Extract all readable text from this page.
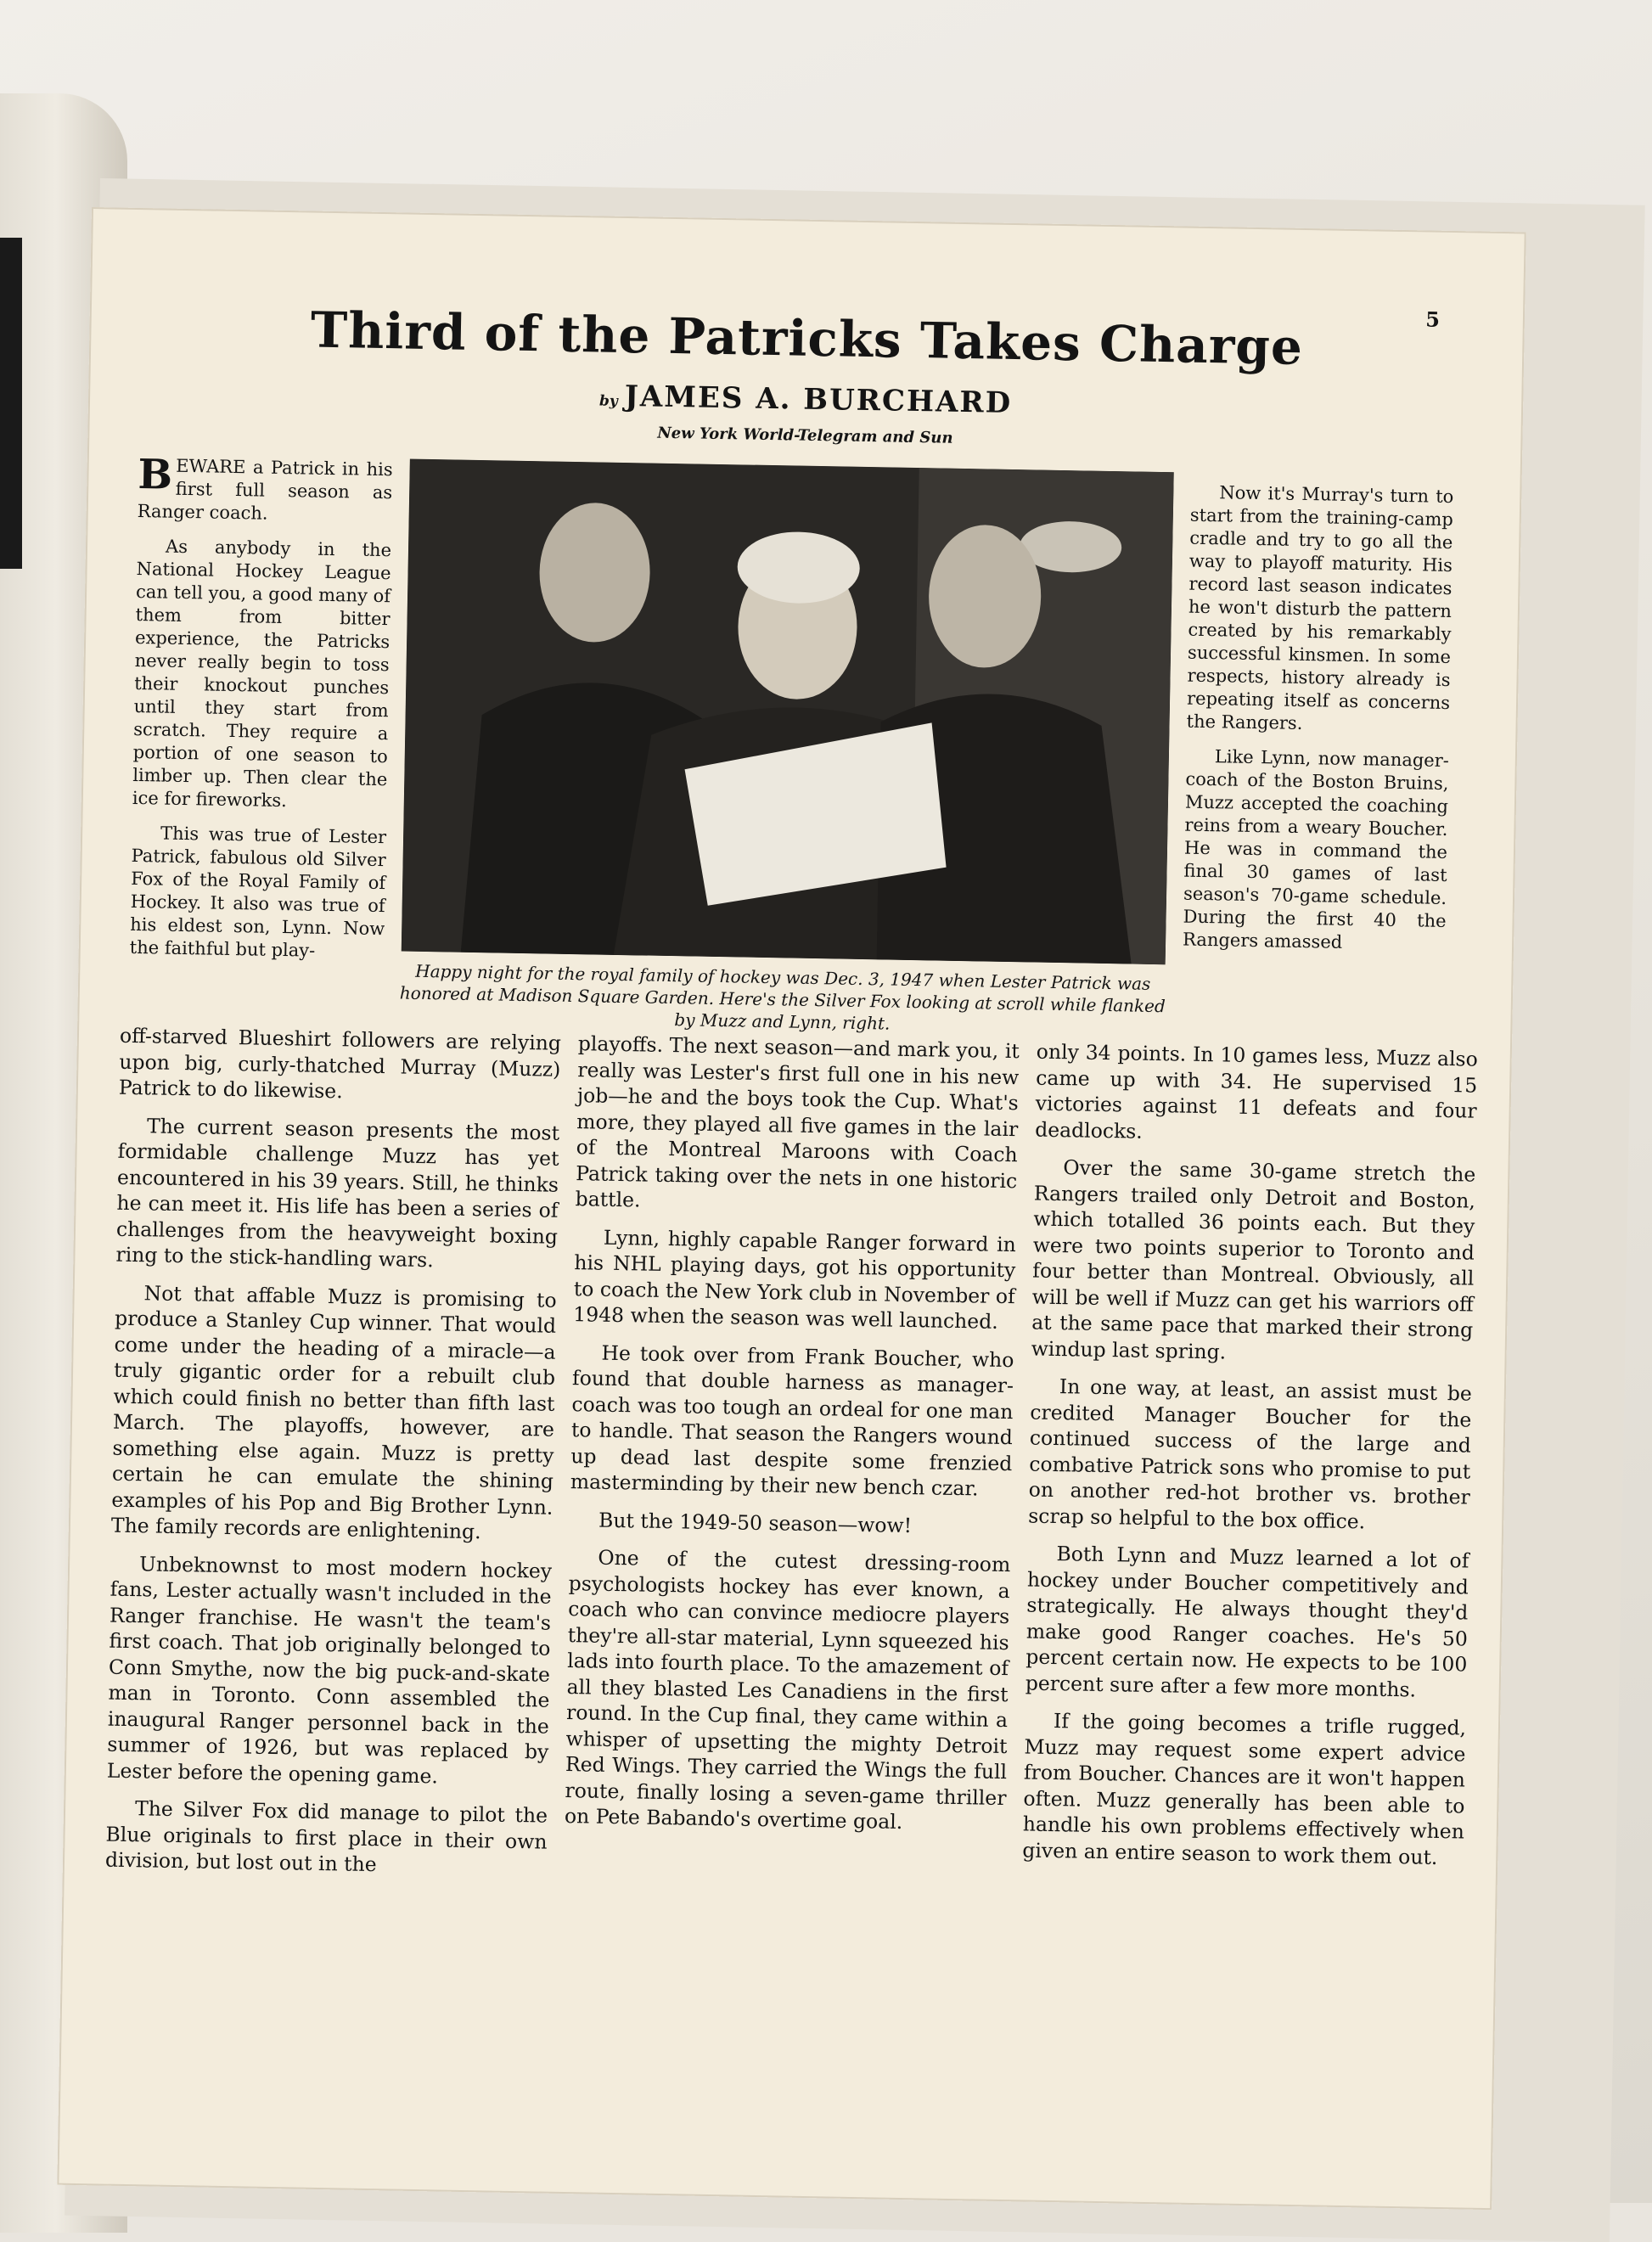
5
Third of the Patricks Takes Charge
by JAMES A. BURCHARD
New York World-Telegram and Sun

BEWARE a Patrick in his first full season as Ranger coach.

As anybody in the National Hockey League can tell you, a good many of them from bitter experience, the Patricks never really begin to toss their knockout punches until they start from scratch. They require a portion of one season to limber up. Then clear the ice for fireworks.

This was true of Lester Patrick, fabulous old Silver Fox of the Royal Family of Hockey. It also was true of his eldest son, Lynn. Now the faithful but play-

Happy night for the royal family of hockey was Dec. 3, 1947 when Lester Patrick was honored at Madison Square Garden. Here's the Silver Fox looking at scroll while flanked by Muzz and Lynn, right.

Now it's Murray's turn to start from the training-camp cradle and try to go all the way to playoff maturity. His record last season indicates he won't disturb the pattern created by his remarkably successful kinsmen. In some respects, history already is repeating itself as concerns the Rangers.

Like Lynn, now manager-coach of the Boston Bruins, Muzz accepted the coaching reins from a weary Boucher. He was in command the final 30 games of last season's 70-game schedule. During the first 40 the Rangers amassed

off-starved Blueshirt followers are relying upon big, curly-thatched Murray (Muzz) Patrick to do likewise.

The current season presents the most formidable challenge Muzz has yet encountered in his 39 years. Still, he thinks he can meet it. His life has been a series of challenges from the heavyweight boxing ring to the stick-handling wars.

Not that affable Muzz is promising to produce a Stanley Cup winner. That would come under the heading of a miracle—a truly gigantic order for a rebuilt club which could finish no better than fifth last March. The playoffs, however, are something else again. Muzz is pretty certain he can emulate the shining examples of his Pop and Big Brother Lynn. The family records are enlightening.

Unbeknownst to most modern hockey fans, Lester actually wasn't included in the Ranger franchise. He wasn't the team's first coach. That job originally belonged to Conn Smythe, now the big puck-and-skate man in Toronto. Conn assembled the inaugural Ranger personnel back in the summer of 1926, but was replaced by Lester before the opening game.

The Silver Fox did manage to pilot the Blue originals to first place in their own division, but lost out in the

playoffs. The next season—and mark you, it really was Lester's first full one in his new job—he and the boys took the Cup. What's more, they played all five games in the lair of the Montreal Maroons with Coach Patrick taking over the nets in one historic battle.

Lynn, highly capable Ranger forward in his NHL playing days, got his opportunity to coach the New York club in November of 1948 when the season was well launched.

He took over from Frank Boucher, who found that double harness as manager-coach was too tough an ordeal for one man to handle. That season the Rangers wound up dead last despite some frenzied masterminding by their new bench czar.

But the 1949-50 season—wow!

One of the cutest dressing-room psychologists hockey has ever known, a coach who can convince mediocre players they're all-star material, Lynn squeezed his lads into fourth place. To the amazement of all they blasted Les Canadiens in the first round. In the Cup final, they came within a whisper of upsetting the mighty Detroit Red Wings. They carried the Wings the full route, finally losing a seven-game thriller on Pete Babando's overtime goal.

only 34 points. In 10 games less, Muzz also came up with 34. He supervised 15 victories against 11 defeats and four deadlocks.

Over the same 30-game stretch the Rangers trailed only Detroit and Boston, which totalled 36 points each. But they were two points superior to Toronto and four better than Montreal. Obviously, all will be well if Muzz can get his warriors off at the same pace that marked their strong windup last spring.

In one way, at least, an assist must be credited Manager Boucher for the continued success of the large and combative Patrick sons who promise to put on another red-hot brother vs. brother scrap so helpful to the box office.

Both Lynn and Muzz learned a lot of hockey under Boucher competitively and strategically. He always thought they'd make good Ranger coaches. He's 50 percent certain now. He expects to be 100 percent sure after a few more months.

If the going becomes a trifle rugged, Muzz may request some expert advice from Boucher. Chances are it won't happen often. Muzz generally has been able to handle his own problems effectively when given an entire season to work them out.
